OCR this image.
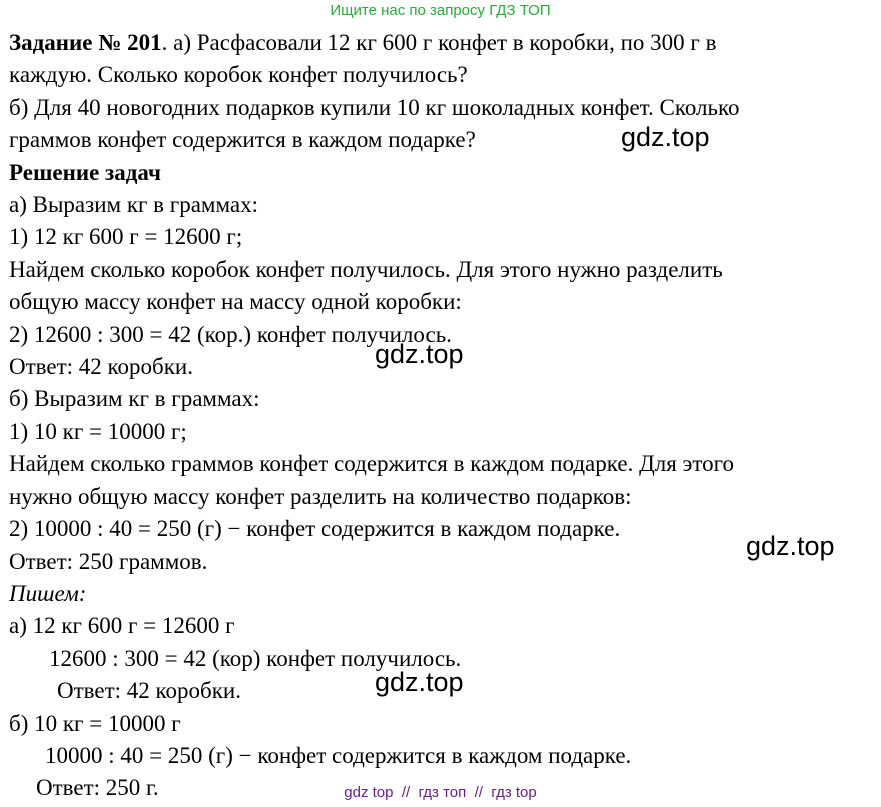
Ищите нас по запросу ГДЗ ТОП
Задание № 201. а) Расфасовали 12 кг 600 г конфет в коробки, по 300 г в
каждую. Сколько коробок конфет получилось?
б) Для 40 новогодних подарков купили 10 кг шоколадных конфет. Сколько
граммов конфет содержится в каждом подарке?
Решение задач
а) Выразим кг в граммах:
1) 12 кг 600 г = 12600 г;
Найдем сколько коробок конфет получилось. Для этого нужно разделить
общую массу конфет на массу одной коробки:
2) 12600 : 300 = 42 (кор.) конфет получилось.
Ответ: 42 коробки.
б) Выразим кг в граммах:
1) 10 кг = 10000 г;
Найдем сколько граммов конфет содержится в каждом подарке. Для этого
нужно общую массу конфет разделить на количество подарков:
2) 10000 : 40 = 250 (г) − конфет содержится в каждом подарке.
Ответ: 250 граммов.
Пишем:
а) 12 кг 600 г = 12600 г
12600 : 300 = 42 (кор) конфет получилось.
Ответ: 42 коробки.
б) 10 кг = 10000 г
10000 : 40 = 250 (г) − конфет содержится в каждом подарке.
Ответ: 250 г.
gdz.top
gdz.top
gdz.top
gdz.top
gdz top  //  гдз топ  //  гдз top
